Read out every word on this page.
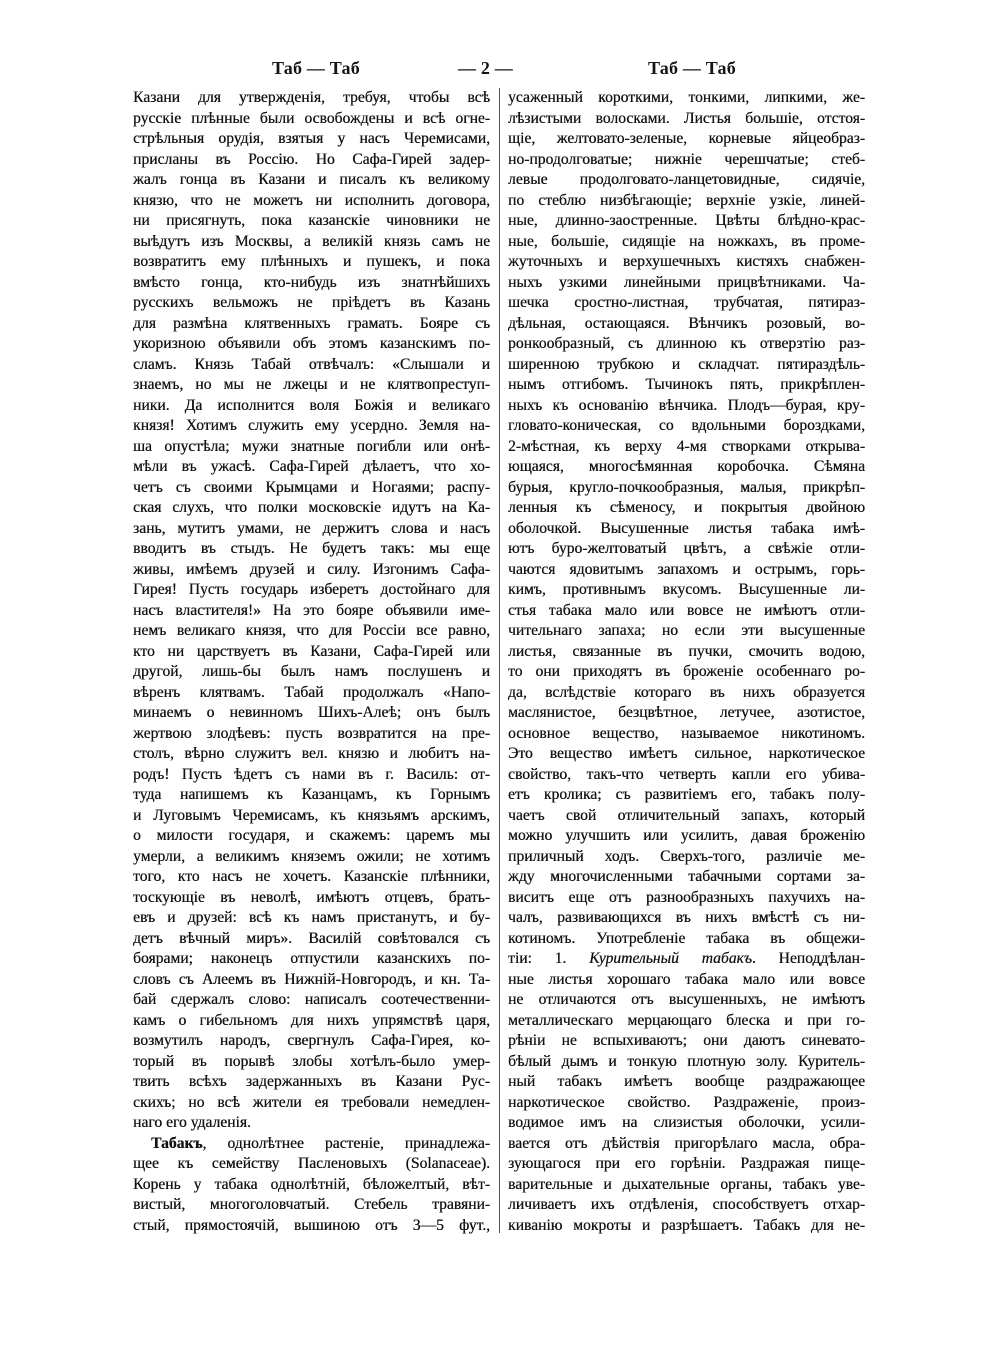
Таб — Таб	— 2 —	Таб — Таб
Казани для утвержденія, требуя, чтобы всѣ
русскіе плѣнные были освобождены и всѣ огне-
стрѣльныя орудія, взятыя у насъ Черемисами,
присланы въ Россію. Но Сафа-Гирей задер-
жалъ гонца въ Казани и писалъ къ великому
князю, что не можетъ ни исполнить договора,
ни присягнуть, пока казанскіе чиновники не
выѣдутъ изъ Москвы, а великій князь самъ не
возвратитъ ему плѣнныхъ и пушекъ, и пока
вмѣсто гонца, кто-нибудь изъ знатнѣйшихъ
русскихъ вельможъ не пріѣдетъ въ Казань
для размѣна клятвенныхъ грамать. Бояре съ
укоризною объявили объ этомъ казанскимъ по-
сламъ. Князь Табай отвѣчалъ: «Слышали и
знаемъ, но мы не лжецы и не клятвопреступ-
ники. Да исполнится воля Божія и великаго
князя! Хотимъ служить ему усердно. Земля на-
ша опустѣла; мужи знатные погибли или онѣ-
мѣли въ ужасѣ. Сафа-Гирей дѣлаетъ, что хо-
четъ съ своими Крымцами и Ногаями; распу-
ская слухъ, что полки московскіе идутъ на Ка-
зань, мутитъ умами, не держитъ слова и насъ
вводитъ въ стыдъ. Не будетъ такъ: мы еще
живы, имѣемъ друзей и силу. Изгонимъ Сафа-
Гирея! Пусть государь изберетъ достойнаго для
насъ властителя!» На это бояре объявили име-
немъ великаго князя, что для Россіи все равно,
кто ни царствуетъ въ Казани, Сафа-Гирей или
другой, лишь-бы былъ намъ послушенъ и
вѣренъ клятвамъ. Табай продолжалъ «Напо-
минаемъ о невинномъ Шихъ-Алеѣ; онъ былъ
жертвою злодѣевъ: пусть возвратится на пре-
столъ, вѣрно служитъ вел. князю и любитъ на-
родъ! Пусть ѣдетъ съ нами въ г. Василь: от-
туда напишемъ къ Казанцамъ, къ Горнымъ
и Луговымъ Черемисамъ, къ князьямъ арскимъ,
о милости государя, и скажемъ: царемъ мы
умерли, а великимъ княземъ ожили; не хотимъ
того, кто насъ не хочетъ. Казанскіе плѣнники,
тоскующіе въ неволѣ, имѣютъ отцевъ, брать-
евъ и друзей: всѣ къ намъ пристанутъ, и бу-
детъ вѣчный миръ». Василій совѣтовался съ
боярами; наконецъ отпустили казанскихъ по-
словъ съ Алеемъ въ Нижній-Новгородъ, и кн. Та-
бай сдержалъ слово: написалъ соотечественни-
камъ о гибельномъ для нихъ упрямствѣ царя,
возмутилъ народъ, свергнулъ Сафа-Гирея, ко-
торый въ порывѣ злобы хотѣлъ-было умер-
твить всѣхъ задержанныхъ въ Казани Рус-
скихъ; но всѣ жители ея требовали немедлен-
наго его удаленія.
Табакъ, однолѣтнее растеніе, принадлежа-
щее къ семейству Пасленовыхъ (Solanaceae).
Корень у табака однолѣтній, бѣложелтый, вѣт-
вистый, многоголовчатый. Стебель травяни-
стый, прямостоячій, вышиною отъ 3—5 фут.,
усаженный короткими, тонкими, липкими, же-
лѣзистыми волосками. Листья большіе, отстоя-
щіе, желтовато-зеленые, корневые яйцеобраз-
но-продолговатые; нижніе черешчатые; стеб-
левые продолговато-ланцетовидные, сидячіе,
по стеблю низбѣгающіе; верхніе узкіе, линей-
ные, длинно-заостренные. Цвѣты блѣдно-крас-
ные, большіе, сидящіе на ножкахъ, въ проме-
жуточныхъ и верхушечныхъ кистяхъ снабжен-
ныхъ узкими линейными прицвѣтниками. Ча-
шечка сростно-листная, трубчатая, пятираз-
дѣльная, остающаяся. Вѣнчикъ розовый, во-
ронкообразный, съ длинною къ отверзтію раз-
ширенною трубкою и складчат. пятираздѣль-
нымъ отгибомъ. Тычинокъ пять, прикрѣплен-
ныхъ къ основанію вѣнчика. Плодъ—бурая, кру-
гловато-коническая, со вдольными бороздками,
2-мѣстная, къ верху 4-мя створками открыва-
ющаяся, многосѣмянная коробочка. Сѣмяна
бурыя, кругло-почкообразныя, малыя, прикрѣп-
ленныя къ сѣменосу, и покрытыя двойною
оболочкой. Высушенные листья табака имѣ-
ютъ буро-желтоватый цвѣтъ, а свѣжіе отли-
чаются ядовитымъ запахомъ и острымъ, горь-
кимъ, противнымъ вкусомъ. Высушенные ли-
стья табака мало или вовсе не имѣютъ отли-
чительнаго запаха; но если эти высушенные
листья, связанные въ пучки, смочить водою,
то они приходятъ въ броженіе особеннаго ро-
да, вслѣдствіе котораго въ нихъ образуется
маслянистое, безцвѣтное, летучее, азотистое,
основное вещество, называемое никотиномъ.
Это вещество имѣетъ сильное, наркотическое
свойство, такъ-что четверть капли его убива-
етъ кролика; съ развитіемъ его, табакъ полу-
чаетъ свой отличительный запахъ, который
можно улучшить или усилить, давая броженію
приличный ходъ. Сверхъ-того, различіе ме-
жду многочисленными табачными сортами за-
виситъ еще отъ разнообразныхъ пахучихъ на-
чалъ, развивающихся въ нихъ вмѣстѣ съ ни-
котиномъ. Употребленіе табака въ общежи-
тіи: 1. Курительный табакъ. Неподдѣлан-
ные листья хорошаго табака мало или вовсе
не отличаются отъ высушенныхъ, не имѣютъ
металлическаго мерцающаго блеска и при го-
рѣніи не вспыхиваютъ; они даютъ синевато-
бѣлый дымъ и тонкую плотную золу. Куритель-
ный табакъ имѣетъ вообще раздражающее
наркотическое свойство. Раздраженіе, произ-
водимое имъ на слизистыя оболочки, усили-
вается отъ дѣйствія пригорѣлаго масла, обра-
зующагося при его горѣніи. Раздражая пище-
варительные и дыхательные органы, табакъ уве-
личиваетъ ихъ отдѣленія, способствуетъ отхар-
киванію мокроты и разрѣшаетъ. Табакъ для не-
